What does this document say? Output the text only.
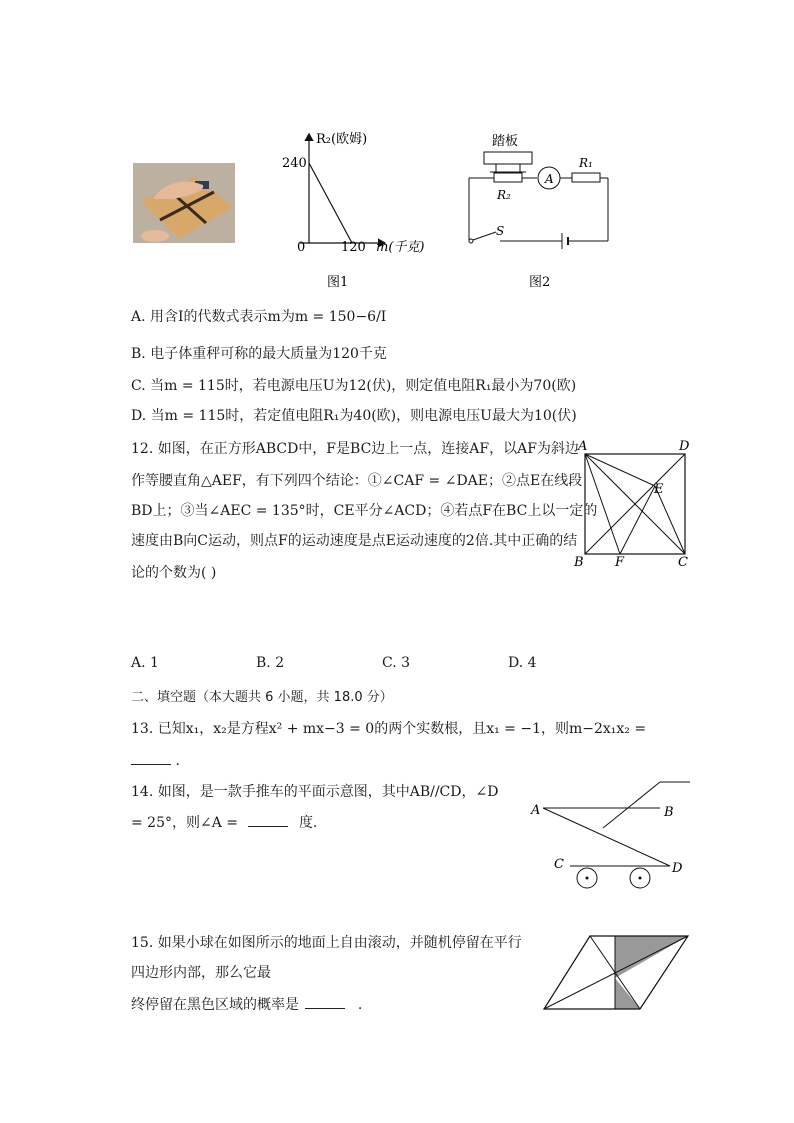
R₂(欧姆)
240
0	120 m(千克)
图1
踏板
A
R₁
R₂
S
图2
A. 用含I的代数式表示m为m = 150−6/I
B. 电子体重秤可称的最大质量为120千克
C. 当m = 115时，若电源电压U为12(伏)，则定值电阻R₁最小为70(欧)
D. 当m = 115时，若定值电阻R₁为40(欧)，则电源电压U最大为10(伏)
12. 如图，在正方形ABCD中，F是BC边上一点，连接AF，以AF为斜边
作等腰直角△AEF，有下列四个结论：①∠CAF = ∠DAE；②点E在线段
BD上；③当∠AEC = 135°时，CE平分∠ACD；④若点F在BC上以一定的
速度由B向C运动，则点F的运动速度是点E运动速度的2倍.其中正确的结
论的个数为( )
A	D
B F	C
E
A. 1	B. 2	C. 3	D. 4
二、填空题（本大题共 6 小题，共 18.0 分）
13. 已知x₁，x₂是方程x² + mx−3 = 0的两个实数根，且x₁ = −1，则m−2x₁x₂ =
.
14. 如图，是一款手推车的平面示意图，其中AB//CD，∠D
= 25°，则∠A =	度.
A	B
C	D
15. 如果小球在如图所示的地面上自由滚动，并随机停留在平行
四边形内部，那么它最
终停留在黑色区域的概率是	.
